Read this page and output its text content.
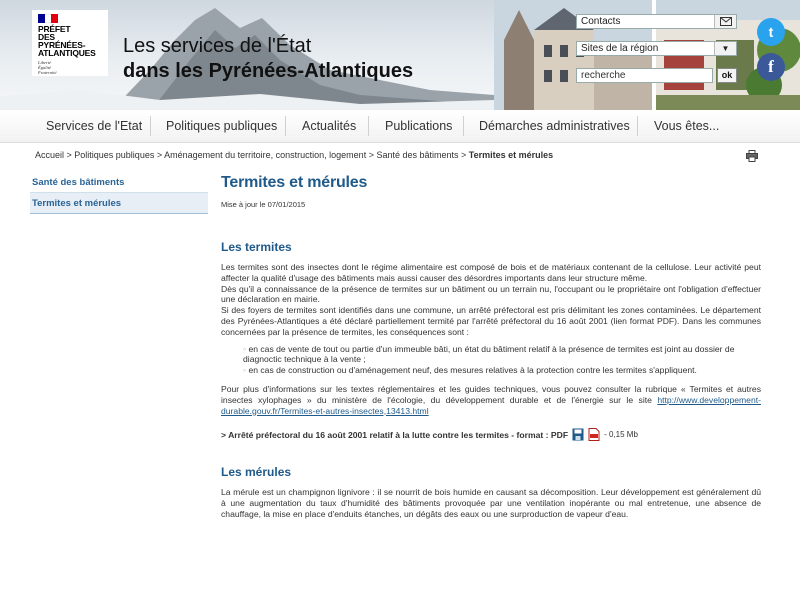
PRÉFET
DES PYRÉNÉES-
ATLANTIQUES
Liberté
Égalité
Fraternité
Les services de l'État
dans les Pyrénées-Atlantiques
Contacts
Sites de la région	▼
recherche	ok
t
f
Services de l'Etat Politiques publiques Actualités Publications Démarches administratives Vous êtes...
Accueil > Politiques publiques > Aménagement du territoire, construction, logement > Santé des bâtiments > Termites et mérules
Santé des bâtiments
Termites et mérules
Termites et mérules
Mise à jour le 07/01/2015
Les termites

Les termites sont des insectes dont le régime alimentaire est composé de bois et de matériaux contenant de la cellulose. Leur activité peut affecter la qualité d'usage des bâtiments mais aussi causer des désordres importants dans leur structure même.

Dès qu'il a connaissance de la présence de termites sur un bâtiment ou un terrain nu, l'occupant ou le propriétaire ont l'obligation d'effectuer une déclaration en mairie.

Si des foyers de termites sont identifiés dans une commune, un arrêté préfectoral est pris délimitant les zones contaminées. Le département des Pyrénées-Atlantiques a été déclaré partiellement termité par l'arrêté préfectoral du 16 août 2001 (lien format PDF). Dans les communes concernées par la présence de termites, les conséquences sont :

▫ en cas de vente de tout ou partie d'un immeuble bâti, un état du bâtiment relatif à la présence de termites est joint au dossier de diagnoctic technique à la vente ;
▫ en cas de construction ou d'aménagement neuf, des mesures relatives à la protection contre les termites s'appliquent.

Pour plus d'informations sur les textes réglementaires et les guides techniques, vous pouvez consulter la rubrique « Termites et autres insectes xylophages » du ministère de l'écologie, du développement durable et de l'énergie sur le site http://www.developpement-durable.gouv.fr/Termites-et-autres-insectes,13413.html

> Arrêté préfectoral du 16 août 2001 relatif à la lutte contre les termites - format : PDF	- 0,15 Mb
Les mérules

La mérule est un champignon lignivore : il se nourrit de bois humide en causant sa décomposition. Leur développement est généralement dû à une augmentation du taux d'humidité des bâtiments provoquée par une ventilation inopérante ou mal entretenue, une absence de chauffage, la mise en place d'enduits étanches, un dégâts des eaux ou une surproduction de vapeur d'eau.
